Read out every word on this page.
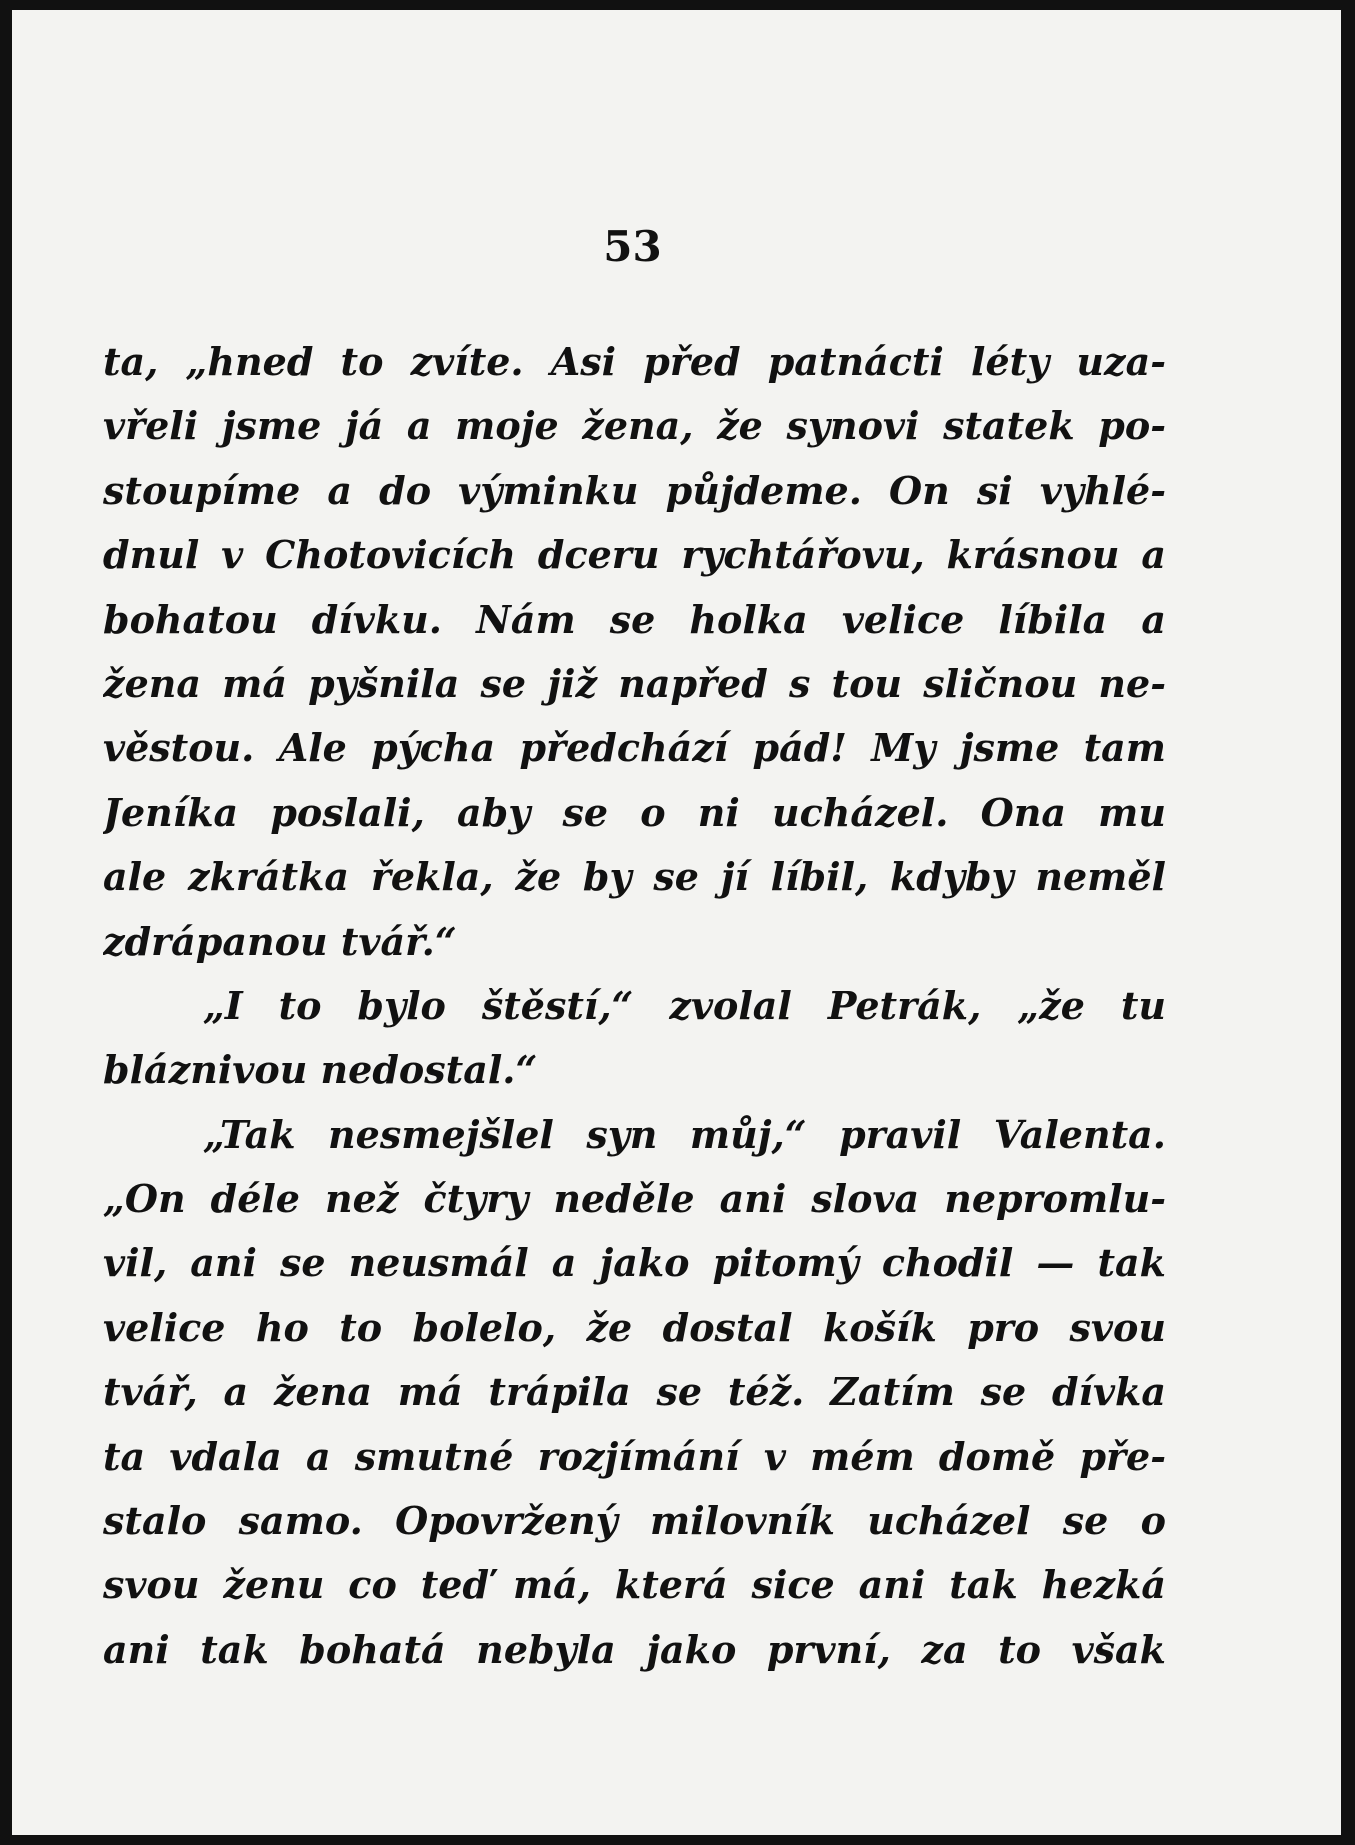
53
ta, „hned to zvíte. Asi před patnácti léty uza-
vřeli jsme já a moje žena, že synovi statek po-
stoupíme a do výminku půjdeme. On si vyhlé-
dnul v Chotovicích dceru rychtářovu, krásnou a
bohatou dívku. Nám se holka velice líbila a
žena má pyšnila se již napřed s tou sličnou ne-
věstou. Ale pýcha předchází pád! My jsme tam
Jeníka poslali, aby se o ni ucházel. Ona mu
ale zkrátka řekla, že by se jí líbil, kdyby neměl
zdrápanou tvář.“
„I to bylo štěstí,“ zvolal Petrák, „že tu
bláznivou nedostal.“
„Tak nesmejšlel syn můj,“ pravil Valenta.
„On déle než čtyry neděle ani slova nepromlu-
vil, ani se neusmál a jako pitomý chodil — tak
velice ho to bolelo, že dostal košík pro svou
tvář, a žena má trápila se též. Zatím se dívka
ta vdala a smutné rozjímání v mém domě pře-
stalo samo. Opovržený milovník ucházel se o
svou ženu co teď má, která sice ani tak hezká
ani tak bohatá nebyla jako první, za to však
